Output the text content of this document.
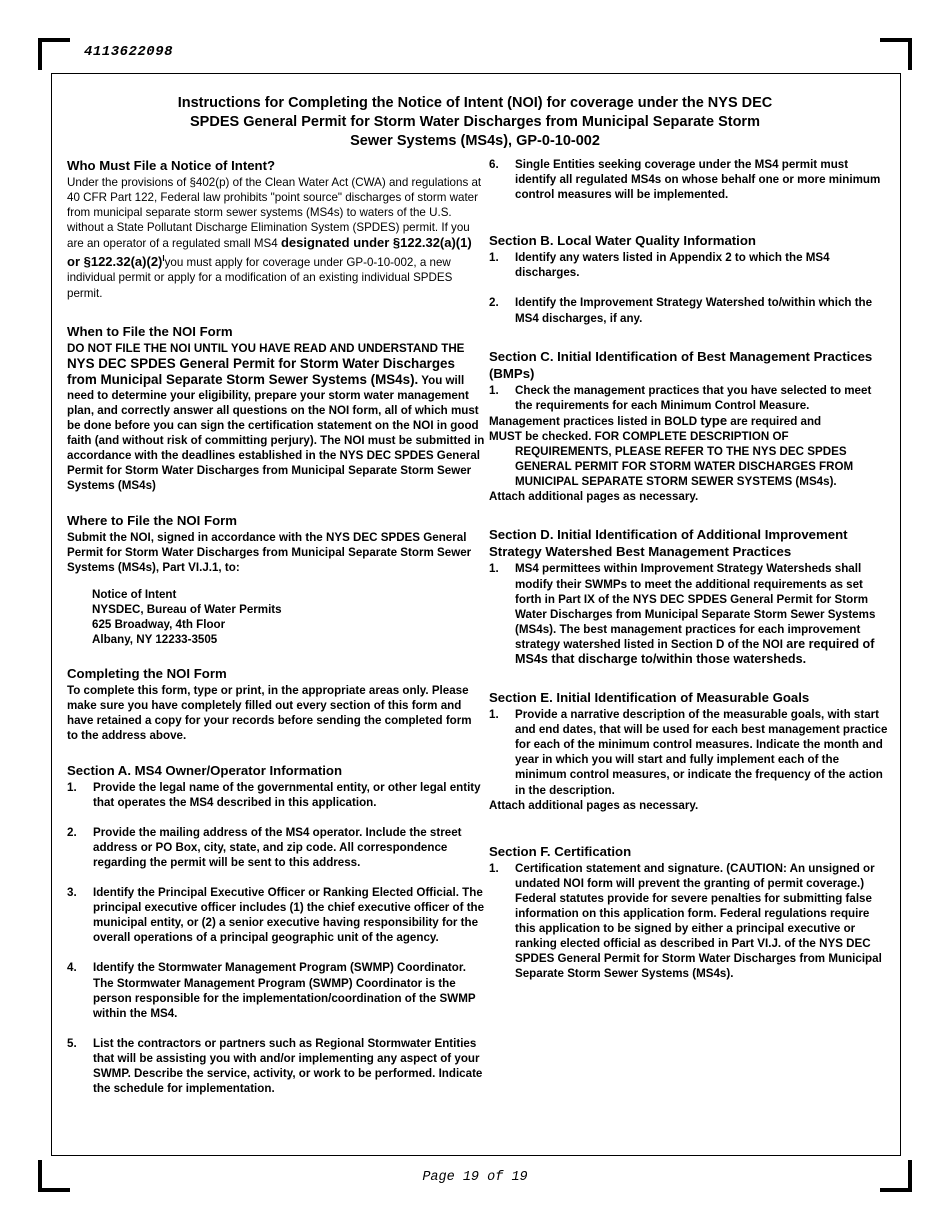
4113622098
Instructions for Completing the Notice of Intent (NOI) for coverage under the NYS DEC
SPDES General Permit for Storm Water Discharges from Municipal Separate Storm
Sewer Systems (MS4s), GP-0-10-002
Who Must File a Notice of Intent?

Under the provisions of §402(p) of the Clean Water Act (CWA) and regulations at 40 CFR Part 122, Federal law prohibits "point source" discharges of storm water from municipal separate storm sewer systems (MS4s) to waters of the U.S. without a State Pollutant Discharge Elimination System (SPDES) permit. If you are an operator of a regulated small MS4 designated under §122.32(a)(1) or $\S 122.32(a)(2)^Iyou$ must apply for coverage under GP-0-10-002, a new individual permit or apply for a modification of an existing individual SPDES permit.

When to File the NOI Form

DO NOT FILE THE NOI UNTIL YOU HAVE READ AND UNDERSTAND THE NYS DEC SPDES General Permit for Storm Water Discharges from Municipal Separate Storm Sewer Systems (MS4s). You will need to determine your eligibility, prepare your storm water management plan, and correctly answer all questions on the NOI form, all of which must be done before you can sign the certification statement on the NOI in good faith (and without risk of committing perjury). The NOI must be submitted in accordance with the deadlines established in the NYS DEC SPDES General Permit for Storm Water Discharges from Municipal Separate Storm Sewer Systems (MS4s)

Where to File the NOI Form

Submit the NOI, signed in accordance with the NYS DEC SPDES General Permit for Storm Water Discharges from Municipal Separate Storm Sewer Systems (MS4s), Part VI.J.1, to:

Notice of Intent
NYSDEC, Bureau of Water Permits
625 Broadway, 4th Floor
Albany, NY 12233-3505
Completing the NOI Form

To complete this form, type or print, in the appropriate areas only. Please make sure you have completely filled out every section of this form and have retained a copy for your records before sending the completed form to the address above.

Section A. MS4 Owner/Operator Information
1. Provide the legal name of the governmental entity, or other legal entity that operates the MS4 described in this application.
2. Provide the mailing address of the MS4 operator. Include the street address or PO Box, city, state, and zip code. All correspondence regarding the permit will be sent to this address.
3. Identify the Principal Executive Officer or Ranking Elected Official. The principal executive officer includes (1) the chief executive officer of the municipal entity, or (2) a senior executive having responsibility for the overall operations of a principal geographic unit of the agency.
4. Identify the Stormwater Management Program (SWMP) Coordinator. The Stormwater Management Program (SWMP) Coordinator is the person responsible for the implementation/coordination of the SWMP within the MS4.
5. List the contractors or partners such as Regional Stormwater Entities that will be assisting you with and/or implementing any aspect of your SWMP. Describe the service, activity, or work to be performed. Indicate the schedule for implementation.
6. Single Entities seeking coverage under the MS4 permit must identify all regulated MS4s on whose behalf one or more minimum control measures will be implemented.
Section B. Local Water Quality Information
1. Identify any waters listed in Appendix 2 to which the MS4 discharges.
2. Identify the Improvement Strategy Watershed to/within which the MS4 discharges, if any.
Section C. Initial Identification of Best Management Practices (BMPs)
1. Check the management practices that you have selected to meet the requirements for each Minimum Control Measure.

Management practices listed in BOLD type are required and

MUST be checked. FOR COMPLETE DESCRIPTION OF

REQUIREMENTS, PLEASE REFER TO THE NYS DEC SPDES GENERAL PERMIT FOR STORM WATER DISCHARGES FROM MUNICIPAL SEPARATE STORM SEWER SYSTEMS (MS4s).

Attach additional pages as necessary.

Section D. Initial Identification of Additional Improvement Strategy Watershed Best Management Practices
1. MS4 permittees within Improvement Strategy Watersheds shall modify their SWMPs to meet the additional requirements as set forth in Part IX of the NYS DEC SPDES General Permit for Storm Water Discharges from Municipal Separate Storm Sewer Systems (MS4s). The best management practices for each improvement strategy watershed listed in Section D of the NOI are required of MS4s that discharge to/within those watersheds.
Section E. Initial Identification of Measurable Goals
1. Provide a narrative description of the measurable goals, with start and end dates, that will be used for each best management practice for each of the minimum control measures. Indicate the month and year in which you will start and fully implement each of the minimum control measures, or indicate the frequency of the action in the description.

Attach additional pages as necessary.

Section F. Certification
1. Certification statement and signature. (CAUTION: An unsigned or undated NOI form will prevent the granting of permit coverage.) Federal statutes provide for severe penalties for submitting false information on this application form. Federal regulations require this application to be signed by either a principal executive or ranking elected official as described in Part VI.J. of the NYS DEC SPDES General Permit for Storm Water Discharges from Municipal Separate Storm Sewer Systems (MS4s).
Page 19 of 19
